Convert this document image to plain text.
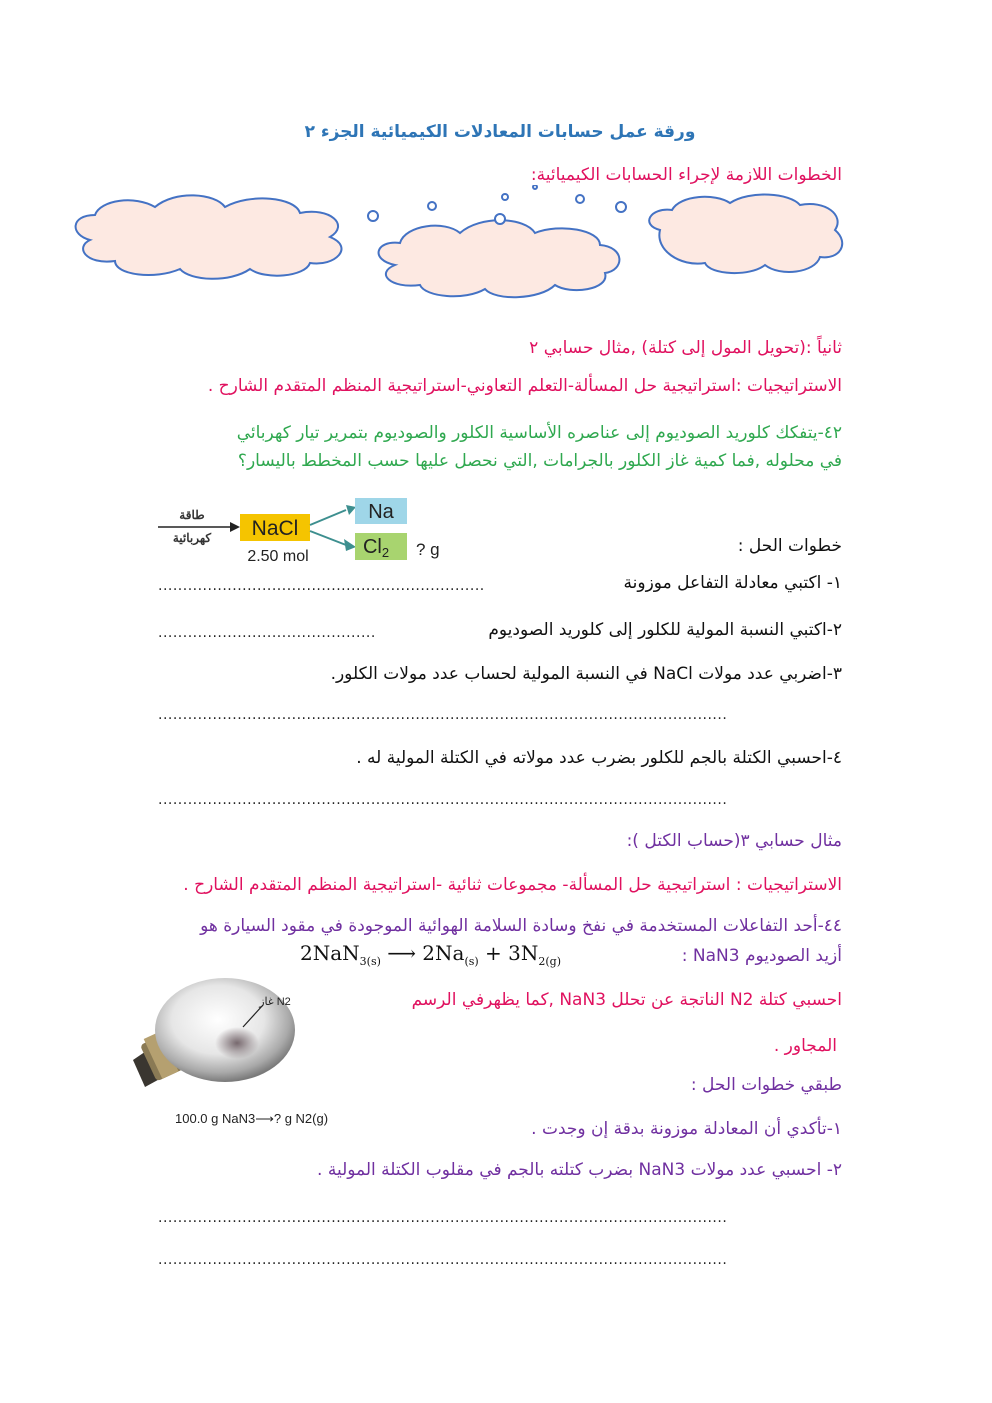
ورقة عمل حسابات المعادلات الكيميائية الجزء ٢
الخطوات اللازمة لإجراء الحسابات الكيميائية:
ثانياً :(تحويل المول إلى كتلة) ,مثال حسابي ٢
الاستراتيجيات :استراتيجية حل المسألة-التعلم التعاوني-استراتيجية المنظم المتقدم الشارح .
٤٢-يتفكك كلوريد الصوديوم إلى عناصره الأساسية الكلور والصوديوم بتمرير تيار كهربائي
في محلوله ,فما كمية غاز الكلور بالجرامات ,التي نحصل عليها حسب المخطط باليسار؟
طاقة
كهربائية NaCl
2.50 mol
Na
$Cl_2$ ? g	خطوات الحل :
١- اكتبي معادلة التفاعل موزونة
..................................................................
٢-اكتبي النسبة المولية للكلور إلى كلوريد الصوديوم
............................................
٣-اضربي عدد مولات NaCl في النسبة المولية لحساب عدد مولات الكلور.
...................................................................................................................
٤-احسبي الكتلة بالجم للكلور بضرب عدد مولاته في الكتلة المولية له .
...................................................................................................................
مثال حسابي ٣(حساب الكتل ):
الاستراتيجيات : استراتيجية حل المسألة- مجموعات ثنائية -استراتيجية المنظم المتقدم الشارح .
٤٤-أحد التفاعلات المستخدمة في نفخ وسادة السلامة الهوائية الموجودة في مقود السيارة هو
أزيد الصوديوم NaN3 :
2NaN$_{3(s)}$ ⟶ $2Na_{(s)} + 3N_{2(g)}$
غاز N2
100.0 g NaN3⟶? g N2(g)
احسبي كتلة N2 الناتجة عن تحلل NaN3 ,كما يظهرفي الرسم
المجاور .
طبقي خطوات الحل :
١-تأكدي أن المعادلة موزونة بدقة إن وجدت .
٢- احسبي عدد مولات NaN3 بضرب كتلته بالجم في مقلوب الكتلة المولية .
...................................................................................................................
...................................................................................................................
